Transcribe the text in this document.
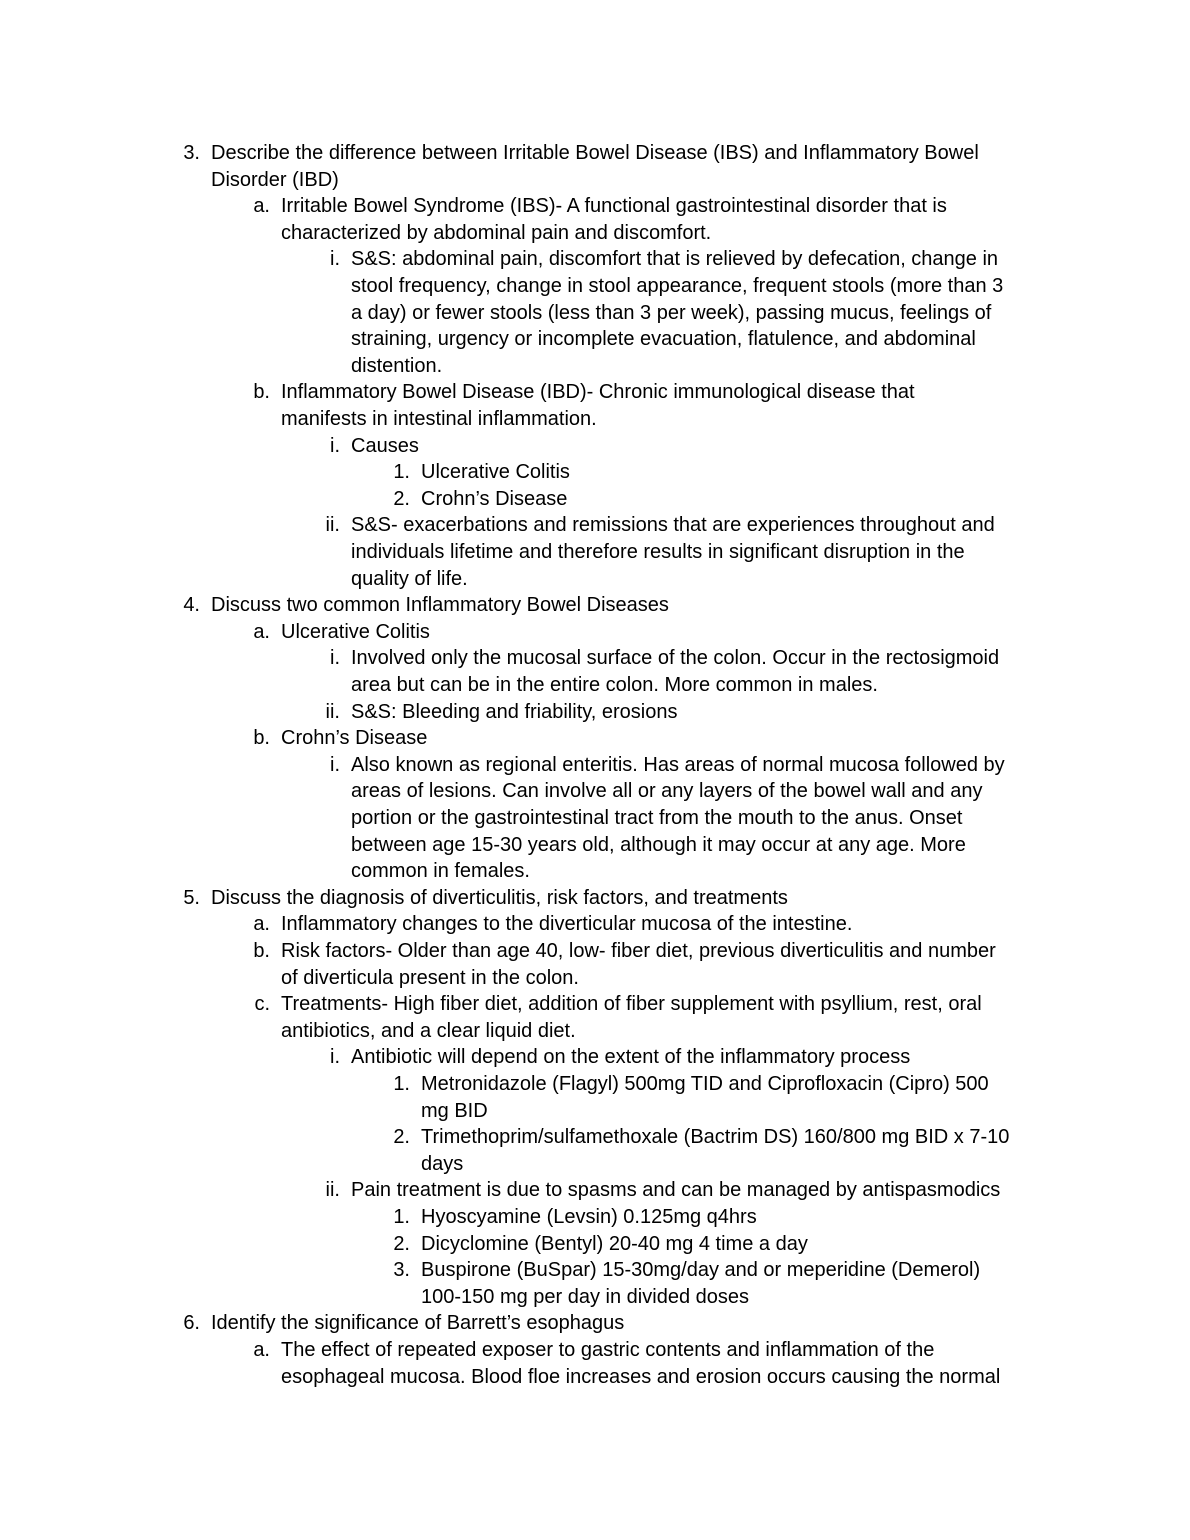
3. Describe the difference between Irritable Bowel Disease (IBS) and Inflammatory Bowel
Disorder (IBD)
a. Irritable Bowel Syndrome (IBS)- A functional gastrointestinal disorder that is
characterized by abdominal pain and discomfort.
i. S&S: abdominal pain, discomfort that is relieved by defecation, change in
stool frequency, change in stool appearance, frequent stools (more than 3
a day) or fewer stools (less than 3 per week), passing mucus, feelings of
straining, urgency or incomplete evacuation, flatulence, and abdominal
distention.
b. Inflammatory Bowel Disease (IBD)- Chronic immunological disease that
manifests in intestinal inflammation.
i. Causes
1. Ulcerative Colitis
2. Crohn’s Disease
ii. S&S- exacerbations and remissions that are experiences throughout and
individuals lifetime and therefore results in significant disruption in the
quality of life.
4. Discuss two common Inflammatory Bowel Diseases
a. Ulcerative Colitis
i. Involved only the mucosal surface of the colon. Occur in the rectosigmoid
area but can be in the entire colon. More common in males.
ii. S&S: Bleeding and friability, erosions
b. Crohn’s Disease
i. Also known as regional enteritis. Has areas of normal mucosa followed by
areas of lesions. Can involve all or any layers of the bowel wall and any
portion or the gastrointestinal tract from the mouth to the anus. Onset
between age 15-30 years old, although it may occur at any age. More
common in females.
5. Discuss the diagnosis of diverticulitis, risk factors, and treatments
a. Inflammatory changes to the diverticular mucosa of the intestine.
b. Risk factors- Older than age 40, low- fiber diet, previous diverticulitis and number
of diverticula present in the colon.
c. Treatments- High fiber diet, addition of fiber supplement with psyllium, rest, oral
antibiotics, and a clear liquid diet.
i. Antibiotic will depend on the extent of the inflammatory process
1. Metronidazole (Flagyl) 500mg TID and Ciprofloxacin (Cipro) 500
mg BID
2. Trimethoprim/sulfamethoxale (Bactrim DS) 160/800 mg BID x 7-10
days
ii. Pain treatment is due to spasms and can be managed by antispasmodics
1. Hyoscyamine (Levsin) 0.125mg q4hrs
2. Dicyclomine (Bentyl) 20-40 mg 4 time a day
3. Buspirone (BuSpar) 15-30mg/day and or meperidine (Demerol)
100-150 mg per day in divided doses
6. Identify the significance of Barrett’s esophagus
a. The effect of repeated exposer to gastric contents and inflammation of the
esophageal mucosa. Blood floe increases and erosion occurs causing the normal
